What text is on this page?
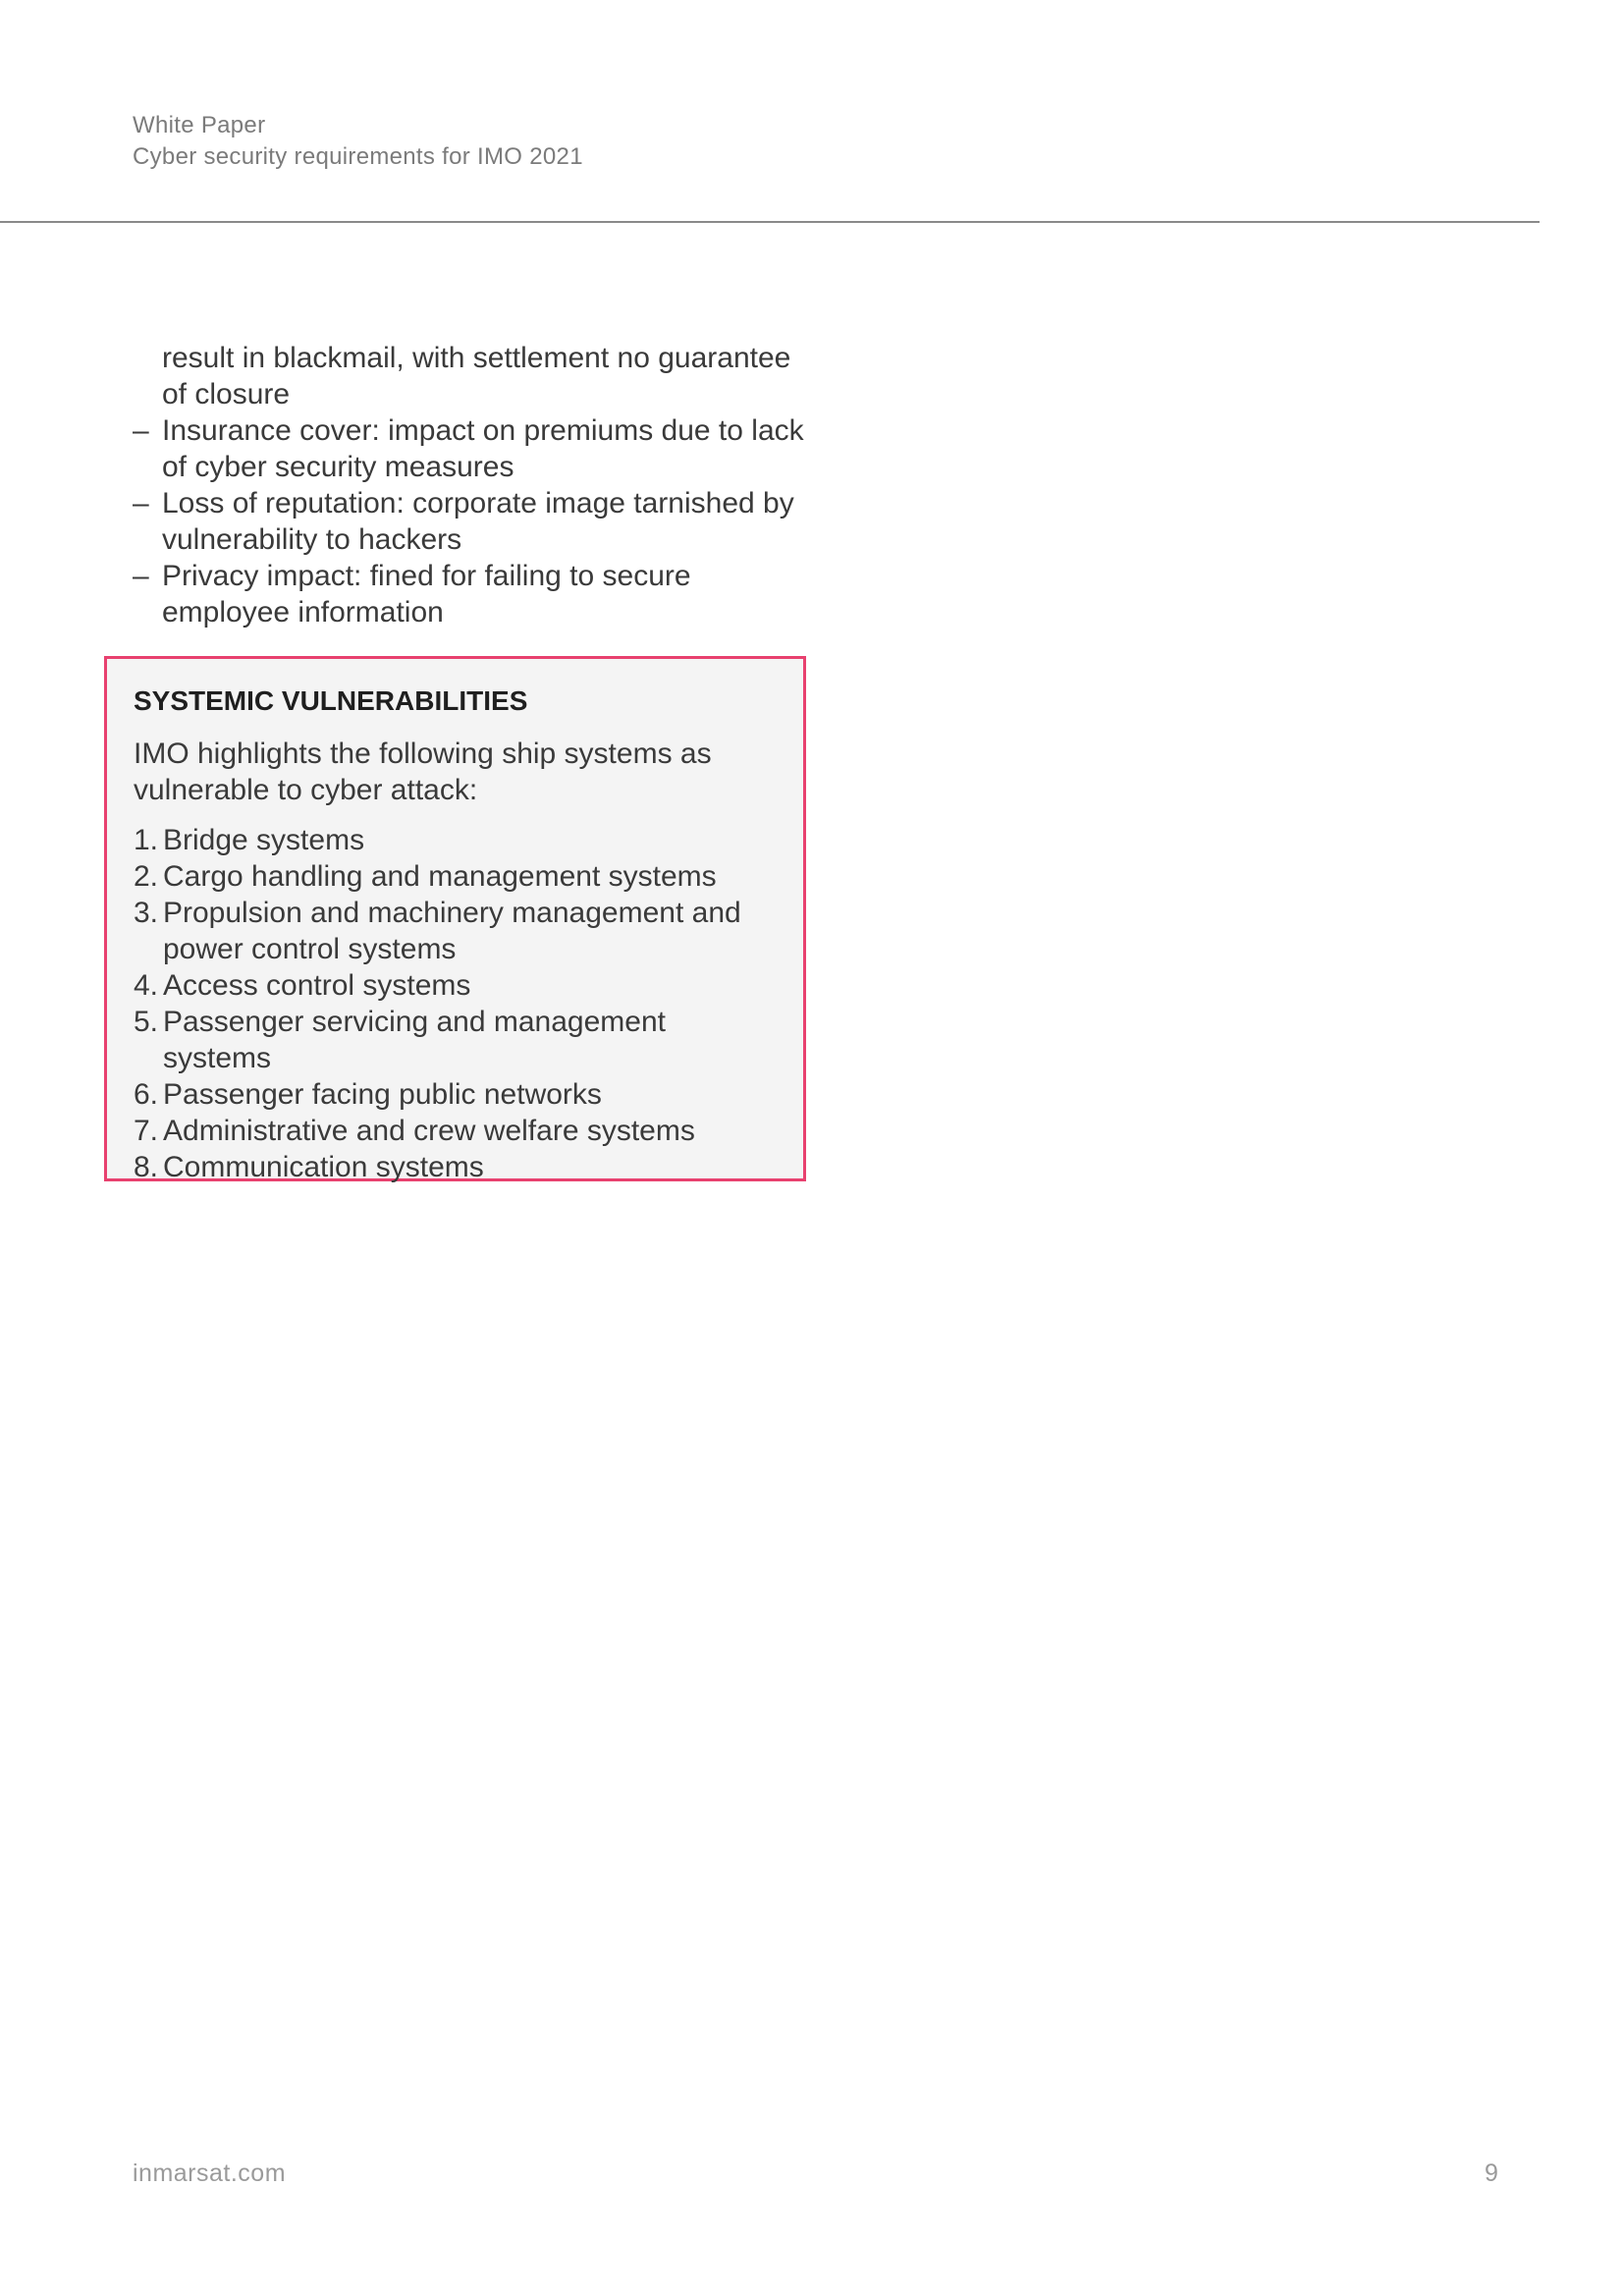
White Paper
Cyber security requirements for IMO 2021

result in blackmail, with settlement no guarantee of closure

– Insurance cover: impact on premiums due to lack of cyber security measures
– Loss of reputation: corporate image tarnished by vulnerability to hackers
– Privacy impact: fined for failing to secure employee information
SYSTEMIC VULNERABILITIES
IMO highlights the following ship systems as vulnerable to cyber attack:
1. Bridge systems
2. Cargo handling and management systems
3. Propulsion and machinery management and power control systems
4. Access control systems
5. Passenger servicing and management systems
6. Passenger facing public networks
7. Administrative and crew welfare systems
8. Communication systems
inmarsat.com	9
